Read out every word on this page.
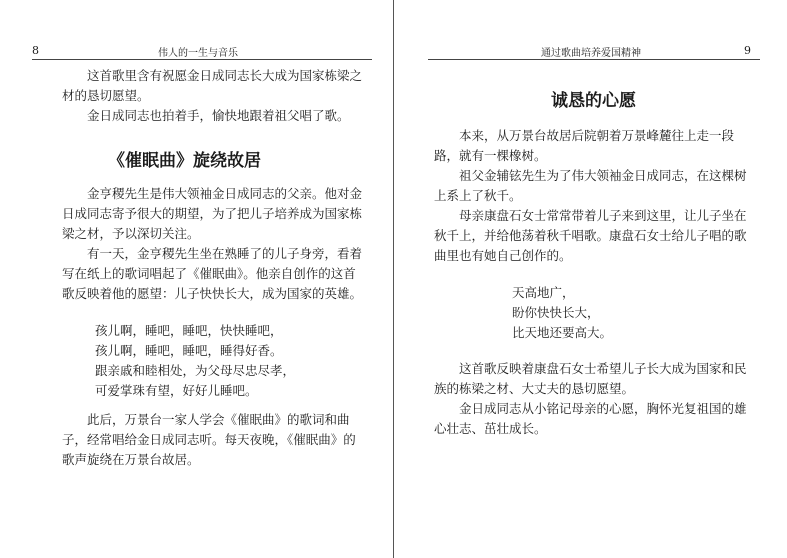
8	伟人的一生与音乐

这首歌里含有祝愿金日成同志长大成为国家栋梁之材的恳切愿望。

金日成同志也拍着手，愉快地跟着祖父唱了歌。

《催眠曲》旋绕故居

金亨稷先生是伟大领袖金日成同志的父亲。他对金日成同志寄予很大的期望，为了把儿子培养成为国家栋梁之材，予以深切关注。

有一天，金亨稷先生坐在熟睡了的儿子身旁，看着写在纸上的歌词唱起了《催眠曲》。他亲自创作的这首歌反映着他的愿望：儿子快快长大，成为国家的英雄。

孩儿啊，睡吧，睡吧，快快睡吧，
孩儿啊，睡吧，睡吧，睡得好香。
跟亲戚和睦相处，为父母尽忠尽孝，
可爱掌珠有望，好好儿睡吧。

此后，万景台一家人学会《催眠曲》的歌词和曲子，经常唱给金日成同志听。每天夜晚，《催眠曲》的歌声旋绕在万景台故居。

通过歌曲培养爱国精神	9
诚恳的心愿

本来，从万景台故居后院朝着万景峰麓往上走一段路，就有一棵橡树。

祖父金辅铉先生为了伟大领袖金日成同志，在这棵树上系上了秋千。

母亲康盘石女士常常带着儿子来到这里，让儿子坐在秋千上，并给他荡着秋千唱歌。康盘石女士给儿子唱的歌曲里也有她自己创作的。

天高地广，
盼你快快长大，
比天地还要高大。

这首歌反映着康盘石女士希望儿子长大成为国家和民族的栋梁之材、大丈夫的恳切愿望。

金日成同志从小铭记母亲的心愿，胸怀光复祖国的雄心壮志、茁壮成长。
